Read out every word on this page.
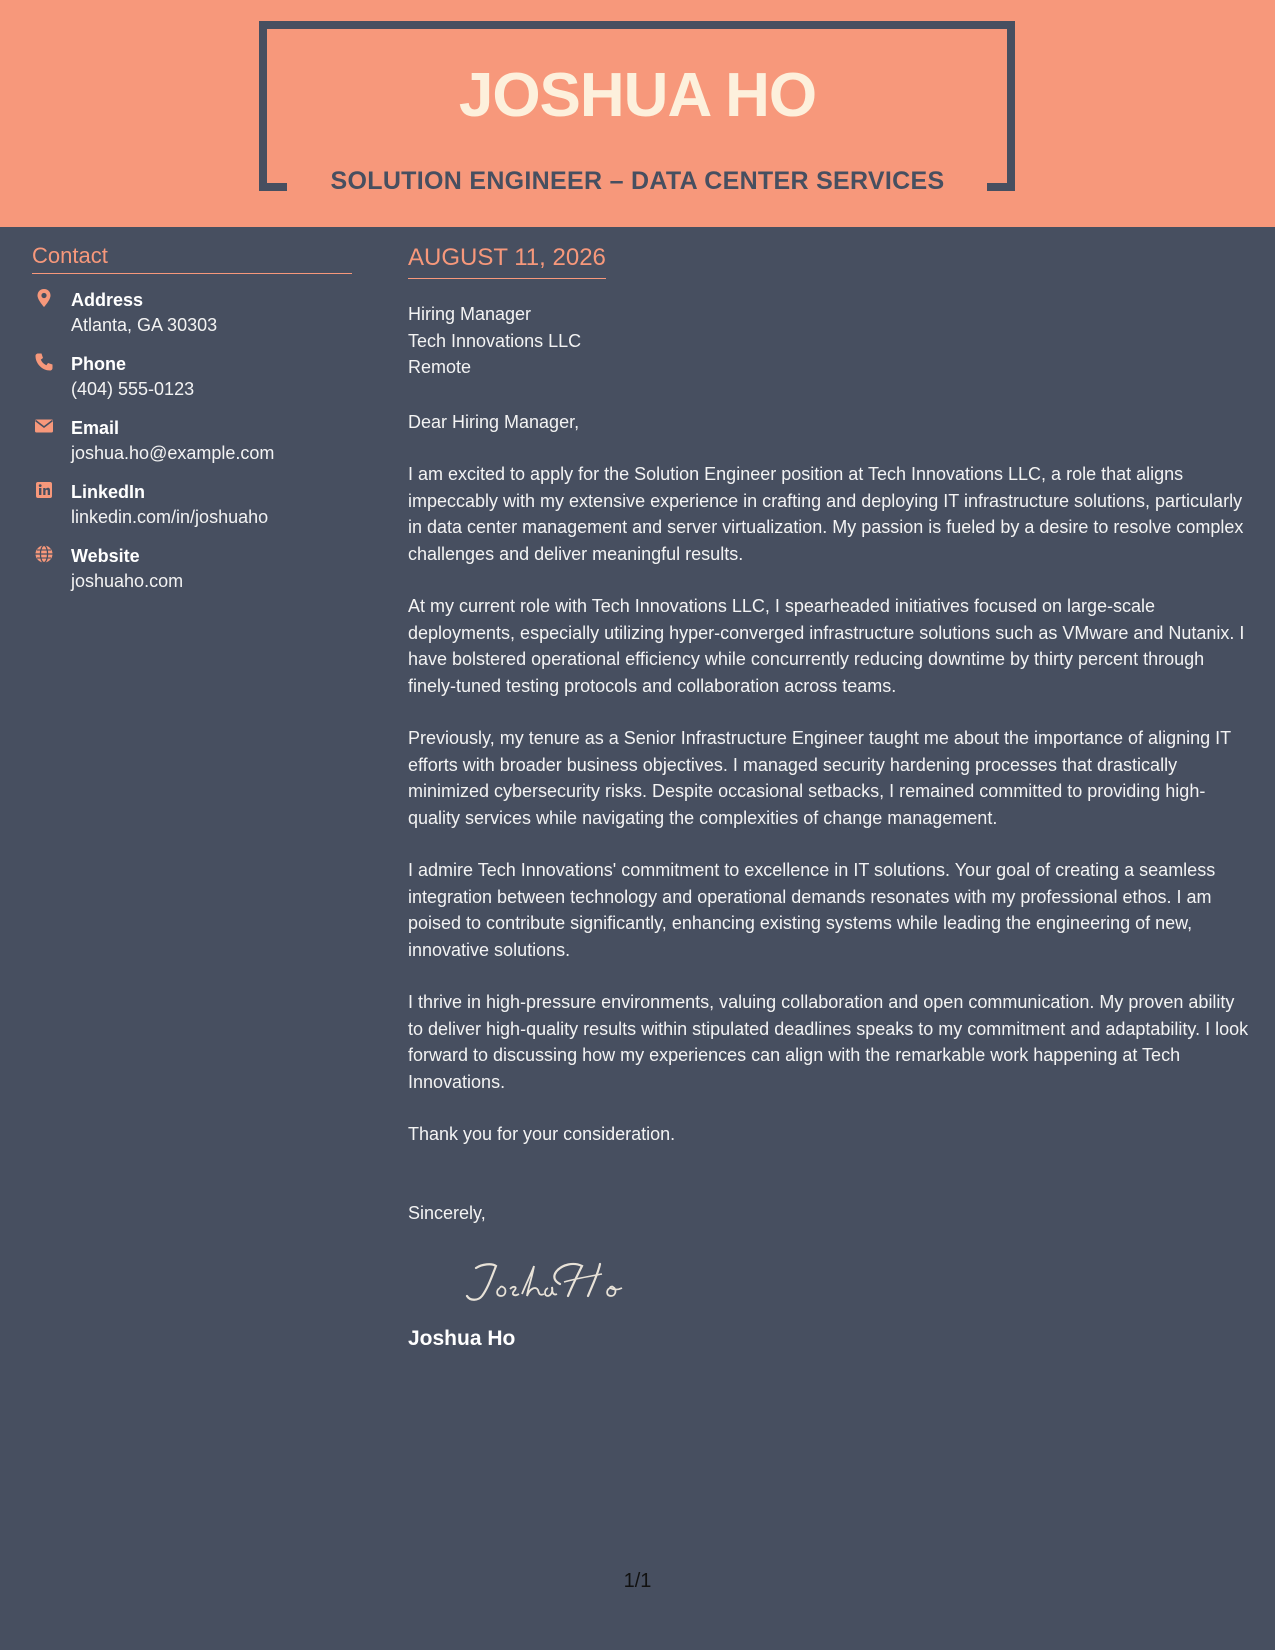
JOSHUA HO
SOLUTION ENGINEER – DATA CENTER SERVICES
Contact
Address
Atlanta, GA 30303
Phone
(404) 555-0123
Email
joshua.ho@example.com
LinkedIn
linkedin.com/in/joshuaho
Website
joshuaho.com
AUGUST 11, 2026
Hiring Manager
Tech Innovations LLC
Remote
Dear Hiring Manager,
I am excited to apply for the Solution Engineer position at Tech Innovations LLC, a role that aligns impeccably with my extensive experience in crafting and deploying IT infrastructure solutions, particularly in data center management and server virtualization. My passion is fueled by a desire to resolve complex challenges and deliver meaningful results.
At my current role with Tech Innovations LLC, I spearheaded initiatives focused on large-scale deployments, especially utilizing hyper-converged infrastructure solutions such as VMware and Nutanix. I have bolstered operational efficiency while concurrently reducing downtime by thirty percent through finely-tuned testing protocols and collaboration across teams.
Previously, my tenure as a Senior Infrastructure Engineer taught me about the importance of aligning IT efforts with broader business objectives. I managed security hardening processes that drastically minimized cybersecurity risks. Despite occasional setbacks, I remained committed to providing high-quality services while navigating the complexities of change management.
I admire Tech Innovations' commitment to excellence in IT solutions. Your goal of creating a seamless integration between technology and operational demands resonates with my professional ethos. I am poised to contribute significantly, enhancing existing systems while leading the engineering of new, innovative solutions.
I thrive in high-pressure environments, valuing collaboration and open communication. My proven ability to deliver high-quality results within stipulated deadlines speaks to my commitment and adaptability. I look forward to discussing how my experiences can align with the remarkable work happening at Tech Innovations.
Thank you for your consideration.
Sincerely,
Joshua Ho
1/1
